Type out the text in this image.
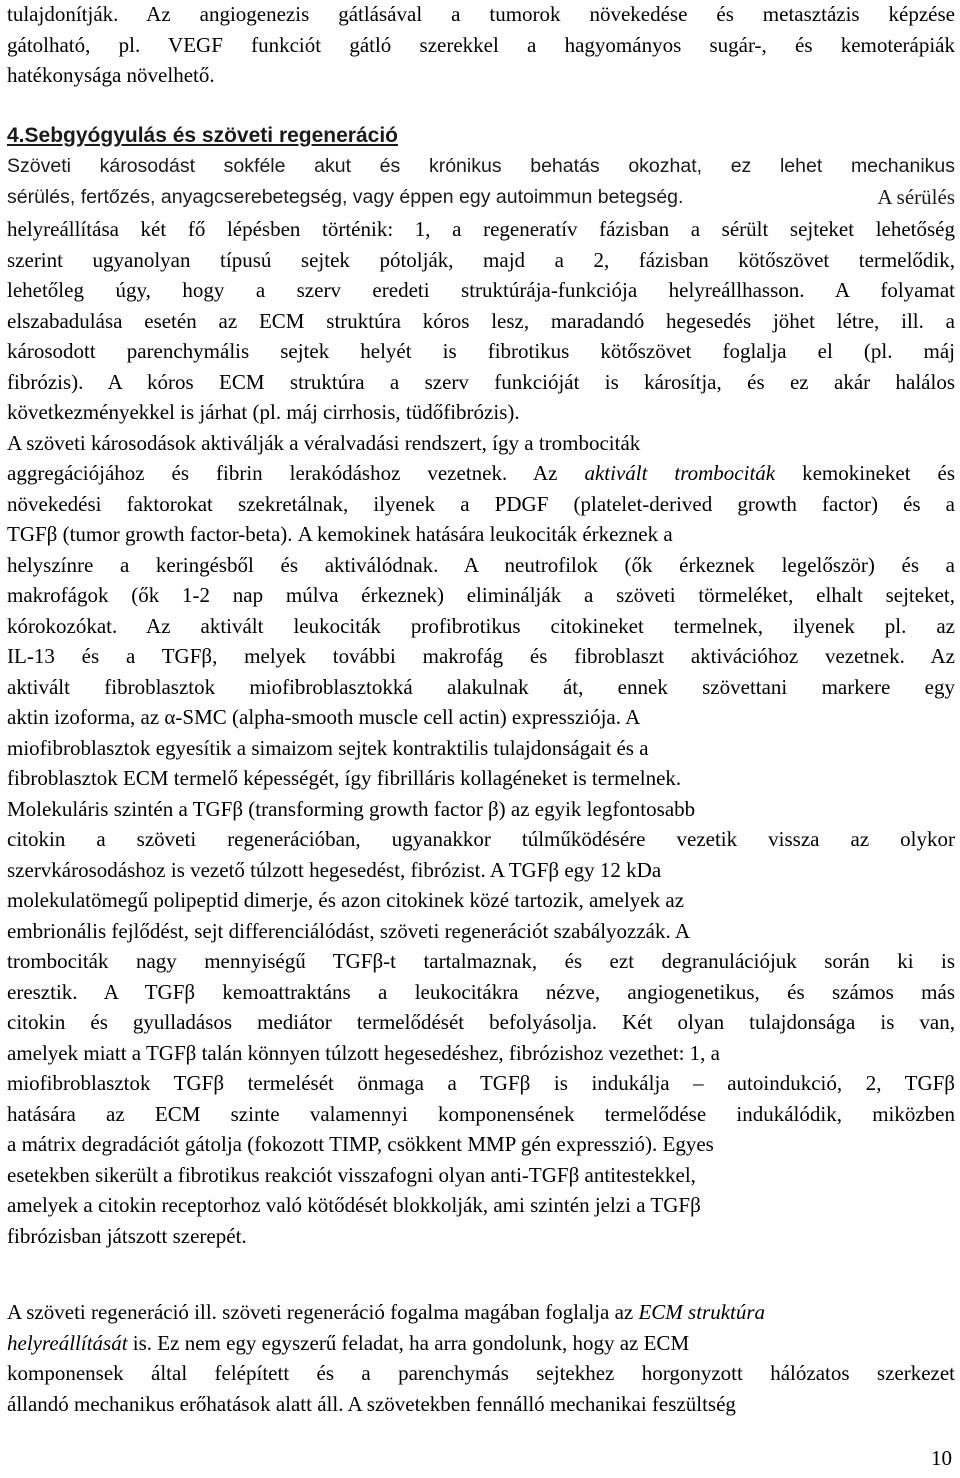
tulajdonítják. Az angiogenezis gátlásával a tumorok növekedése és metasztázis képzése
gátolható, pl. VEGF funkciót gátló szerekkel a hagyományos sugár-, és kemoterápiák
hatékonysága növelhető.
4.Sebgyógyulás és szöveti regeneráció
Szöveti károsodást sokféle akut és krónikus behatás okozhat, ez lehet mechanikus
sérülés, fertőzés, anyagcserebetegség, vagy éppen egy autoimmun betegség.	A sérülés
helyreállítása két fő lépésben történik: 1, a regeneratív fázisban a sérült sejteket lehetőség
szerint ugyanolyan típusú sejtek pótolják, majd a 2, fázisban kötőszövet termelődik,
lehetőleg úgy, hogy a szerv eredeti struktúrája-funkciója helyreállhasson. A folyamat
elszabadulása esetén az ECM struktúra kóros lesz, maradandó hegesedés jöhet létre, ill. a
károsodott parenchymális sejtek helyét is fibrotikus kötőszövet foglalja el (pl. máj
fibrózis). A kóros ECM struktúra a szerv funkcióját is károsítja, és ez akár halálos
következményekkel is járhat (pl. máj cirrhosis, tüdőfibrózis).
A szöveti károsodások aktiválják a véralvadási rendszert, így a trombociták
aggregációjához és fibrin lerakódáshoz vezetnek. Az aktivált trombociták kemokineket és
növekedési faktorokat szekretálnak, ilyenek a PDGF (platelet-derived growth factor) és a
TGFβ (tumor growth factor-beta). A kemokinek hatására leukociták érkeznek a
helyszínre a keringésből és aktiválódnak. A neutrofilok (ők érkeznek legelőször) és a
makrofágok (ők 1-2 nap múlva érkeznek) eliminálják a szöveti törmeléket, elhalt sejteket,
kórokozókat. Az aktivált leukociták profibrotikus citokineket termelnek, ilyenek pl. az
IL-13 és a TGFβ, melyek további makrofág és fibroblaszt aktivációhoz vezetnek. Az
aktivált fibroblasztok miofibroblasztokká alakulnak át, ennek szövettani markere egy
aktin izoforma, az α-SMC (alpha-smooth muscle cell actin) expressziója. A
miofibroblasztok egyesítik a simaizom sejtek kontraktilis tulajdonságait és a
fibroblasztok ECM termelő képességét, így fibrilláris kollagéneket is termelnek.
Molekuláris szintén a TGFβ (transforming growth factor β) az egyik legfontosabb
citokin a szöveti regenerációban, ugyanakkor túlműködésére vezetik vissza az olykor
szervkárosodáshoz is vezető túlzott hegesedést, fibrózist. A TGFβ egy 12 kDa
molekulatömegű polipeptid dimerje, és azon citokinek közé tartozik, amelyek az
embrionális fejlődést, sejt differenciálódást, szöveti regenerációt szabályozzák. A
trombociták nagy mennyiségű TGFβ-t tartalmaznak, és ezt degranulációjuk során ki is
eresztik. A TGFβ kemoattraktáns a leukocitákra nézve, angiogenetikus, és számos más
citokin és gyulladásos mediátor termelődését befolyásolja. Két olyan tulajdonsága is van,
amelyek miatt a TGFβ talán könnyen túlzott hegesedéshez, fibrózishoz vezethet: 1, a
miofibroblasztok TGFβ termelését önmaga a TGFβ is indukálja – autoindukció, 2, TGFβ
hatására az ECM szinte valamennyi komponensének termelődése indukálódik, miközben
a mátrix degradációt gátolja (fokozott TIMP, csökkent MMP gén expresszió). Egyes
esetekben sikerült a fibrotikus reakciót visszafogni olyan anti-TGFβ antitestekkel,
amelyek a citokin receptorhoz való kötődését blokkolják, ami szintén jelzi a TGFβ
fibrózisban játszott szerepét.
A szöveti regeneráció ill. szöveti regeneráció fogalma magában foglalja az ECM struktúra
helyreállítását is. Ez nem egy egyszerű feladat, ha arra gondolunk, hogy az ECM
komponensek által felépített és a parenchymás sejtekhez horgonyzott hálózatos szerkezet
állandó mechanikus erőhatások alatt áll. A szövetekben fennálló mechanikai feszültség
10
